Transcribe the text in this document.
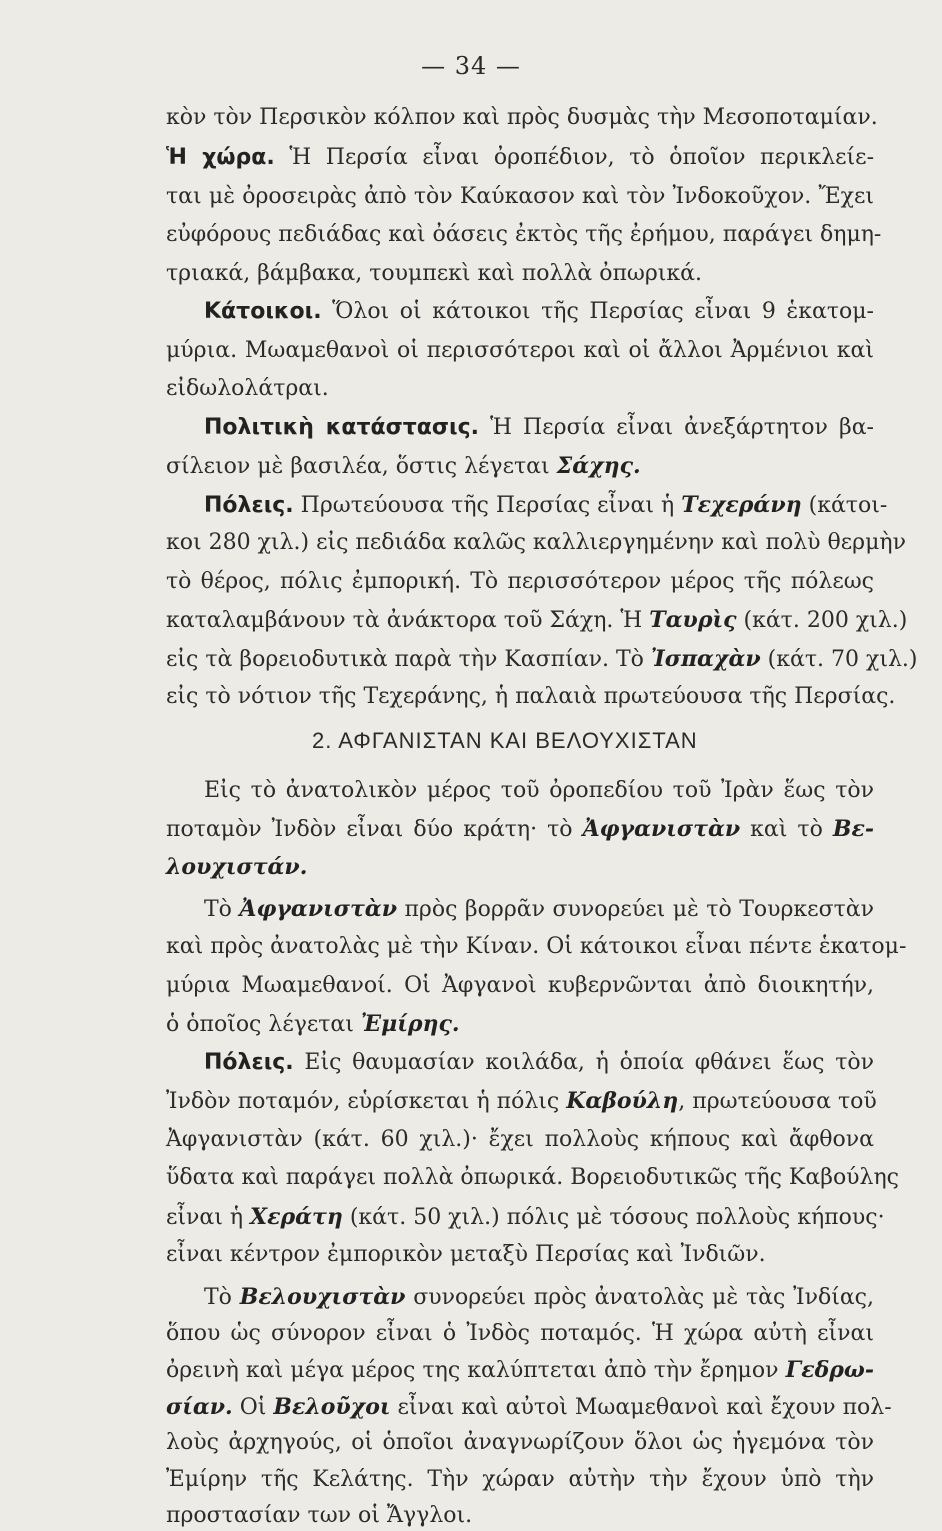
— 34 —
κὸν τὸν Περσικὸν κόλπον καὶ πρὸς δυσμὰς τὴν Μεσοποταμίαν.
Ἡ χώρα. Ἡ Περσία εἶναι ὀροπέδιον, τὸ ὁποῖον περικλείε-
ται μὲ ὀροσειρὰς ἀπὸ τὸν Καύκασον καὶ τὸν Ἰνδοκοῦχον. Ἔχει
εὐφόρους πεδιάδας καὶ ὀάσεις ἐκτὸς τῆς ἐρήμου, παράγει δημη-
τριακά, βάμβακα, τουμπεκὶ καὶ πολλὰ ὀπωρικά.
Κάτοικοι. Ὅλοι οἱ κάτοικοι τῆς Περσίας εἶναι 9 ἑκατομ-
μύρια. Μωαμεθανοὶ οἱ περισσότεροι καὶ οἱ ἄλλοι Ἀρμένιοι καὶ
εἰδωλολάτραι.
Πολιτικὴ κατάστασις. Ἡ Περσία εἶναι ἀνεξάρτητον βα-
σίλειον μὲ βασιλέα, ὅστις λέγεται Σάχης.
Πόλεις. Πρωτεύουσα τῆς Περσίας εἶναι ἡ Τεχεράνη (κάτοι-
κοι 280 χιλ.) εἰς πεδιάδα καλῶς καλλιεργημένην καὶ πολὺ θερμὴν
τὸ θέρος, πόλις ἐμπορική. Τὸ περισσότερον μέρος τῆς πόλεως
καταλαμβάνουν τὰ ἀνάκτορα τοῦ Σάχη. Ἡ Ταυρὶς (κάτ. 200 χιλ.)
εἰς τὰ βορειοδυτικὰ παρὰ τὴν Κασπίαν. Τὸ Ἰσπαχὰν (κάτ. 70 χιλ.)
εἰς τὸ νότιον τῆς Τεχεράνης, ἡ παλαιὰ πρωτεύουσα τῆς Περσίας.
2. ΑΦΓΑΝΙΣΤΑΝ ΚΑΙ ΒΕΛΟΥΧΙΣΤΑΝ
Εἰς τὸ ἀνατολικὸν μέρος τοῦ ὀροπεδίου τοῦ Ἰρὰν ἕως τὸν
ποταμὸν Ἰνδὸν εἶναι δύο κράτη· τὸ Ἀφγανιστὰν καὶ τὸ Βε-
λουχιστάν.
Τὸ Ἀφγανιστὰν πρὸς βορρᾶν συνορεύει μὲ τὸ Τουρκεστὰν
καὶ πρὸς ἀνατολὰς μὲ τὴν Κίναν. Οἱ κάτοικοι εἶναι πέντε ἑκατομ-
μύρια Μωαμεθανοί. Οἱ Ἀφγανοὶ κυβερνῶνται ἀπὸ διοικητήν,
ὁ ὁποῖος λέγεται Ἐμίρης.
Πόλεις. Εἰς θαυμασίαν κοιλάδα, ἡ ὁποία φθάνει ἕως τὸν
Ἰνδὸν ποταμόν, εὑρίσκεται ἡ πόλις Καβούλη, πρωτεύουσα τοῦ
Ἀφγανιστὰν (κάτ. 60 χιλ.)· ἔχει πολλοὺς κήπους καὶ ἄφθονα
ὕδατα καὶ παράγει πολλὰ ὀπωρικά. Βορειοδυτικῶς τῆς Καβούλης
εἶναι ἡ Χεράτη (κάτ. 50 χιλ.) πόλις μὲ τόσους πολλοὺς κήπους·
εἶναι κέντρον ἐμπορικὸν μεταξὺ Περσίας καὶ Ἰνδιῶν.
Τὸ Βελουχιστὰν συνορεύει πρὸς ἀνατολὰς μὲ τὰς Ἰνδίας,
ὅπου ὡς σύνορον εἶναι ὁ Ἰνδὸς ποταμός. Ἡ χώρα αὐτὴ εἶναι
ὀρεινὴ καὶ μέγα μέρος της καλύπτεται ἀπὸ τὴν ἔρημον Γεδρω-
σίαν. Οἱ Βελοῦχοι εἶναι καὶ αὐτοὶ Μωαμεθανοὶ καὶ ἔχουν πολ-
λοὺς ἀρχηγούς, οἱ ὁποῖοι ἀναγνωρίζουν ὅλοι ὡς ἡγεμόνα τὸν
Ἐμίρην τῆς Κελάτης. Τὴν χώραν αὐτὴν τὴν ἔχουν ὑπὸ τὴν
προστασίαν των οἱ Ἄγγλοι.
